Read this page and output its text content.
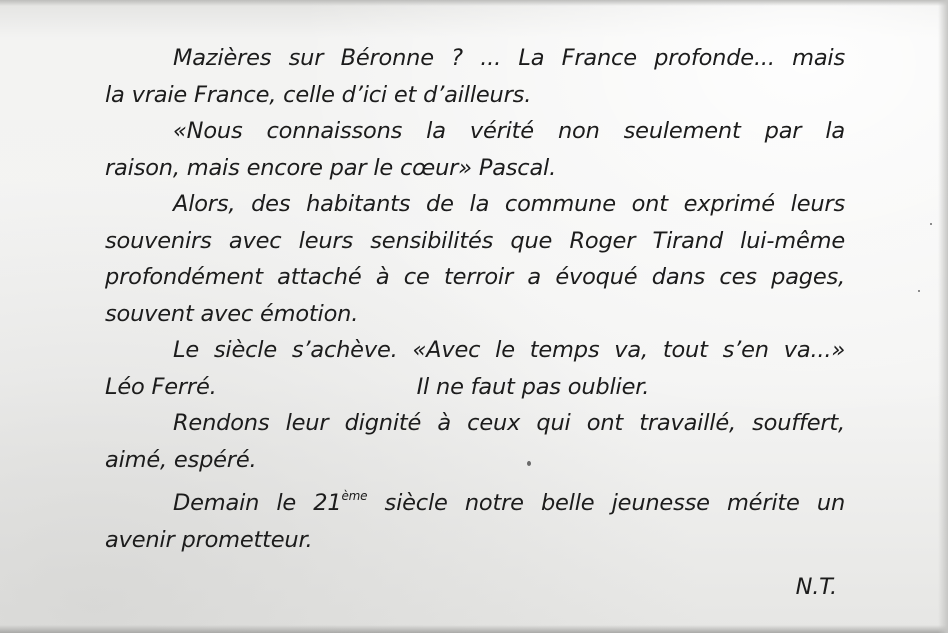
Mazières sur Béronne ? ... La France profonde... mais
la vraie France, celle d’ici et d’ailleurs.
«Nous connaissons la vérité non seulement par la
raison, mais encore par le cœur» Pascal.
Alors, des habitants de la commune ont exprimé leurs
souvenirs avec leurs sensibilités que Roger Tirand lui-même
profondément attaché à ce terroir a évoqué dans ces pages,
souvent avec émotion.
Le siècle s’achève. «Avec le temps va, tout s’en va...»
Léo Ferré.	Il ne faut pas oublier.
Rendons leur dignité à ceux qui ont travaillé, souffert,
aimé, espéré.
Demain le 21ème siècle notre belle jeunesse mérite un
avenir prometteur.
N.T.
